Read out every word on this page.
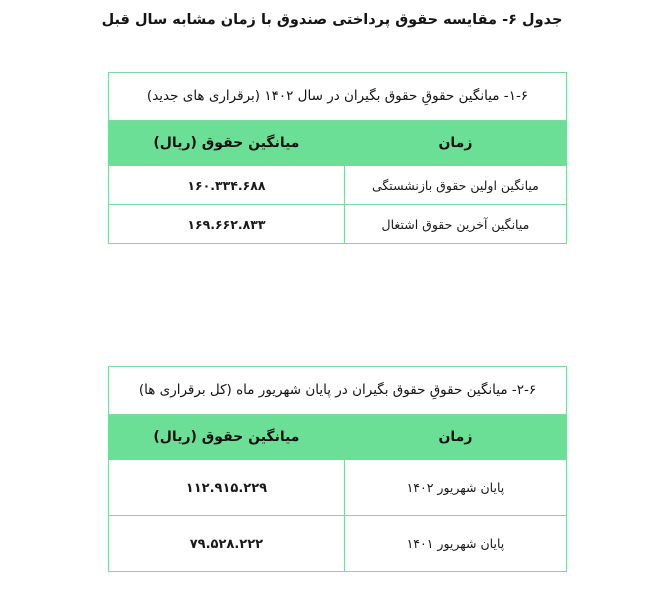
جدول ۶- مقایسه حقوق پرداختی صندوق با زمان مشابه سال قبل
۱-۶- میانگین حقوقِ حقوق بگیران در سال ۱۴۰۲ (برقراری های جدید)	
زمان	میانگین حقوق (ریال)
میانگین اولین حقوق بازنشستگی	۱۶۰.۳۳۴.۶۸۸
میانگین آخرین حقوق اشتغال	۱۶۹.۶۶۲.۸۳۳
۲-۶- میانگین حقوقِ حقوق بگیران در پایان شهریور ماه (کل برقراری ها)	
زمان	میانگین حقوق (ریال)
پایان شهریور ۱۴۰۲	۱۱۲.۹۱۵.۲۲۹
پایان شهریور ۱۴۰۱	۷۹.۵۲۸.۲۲۲
